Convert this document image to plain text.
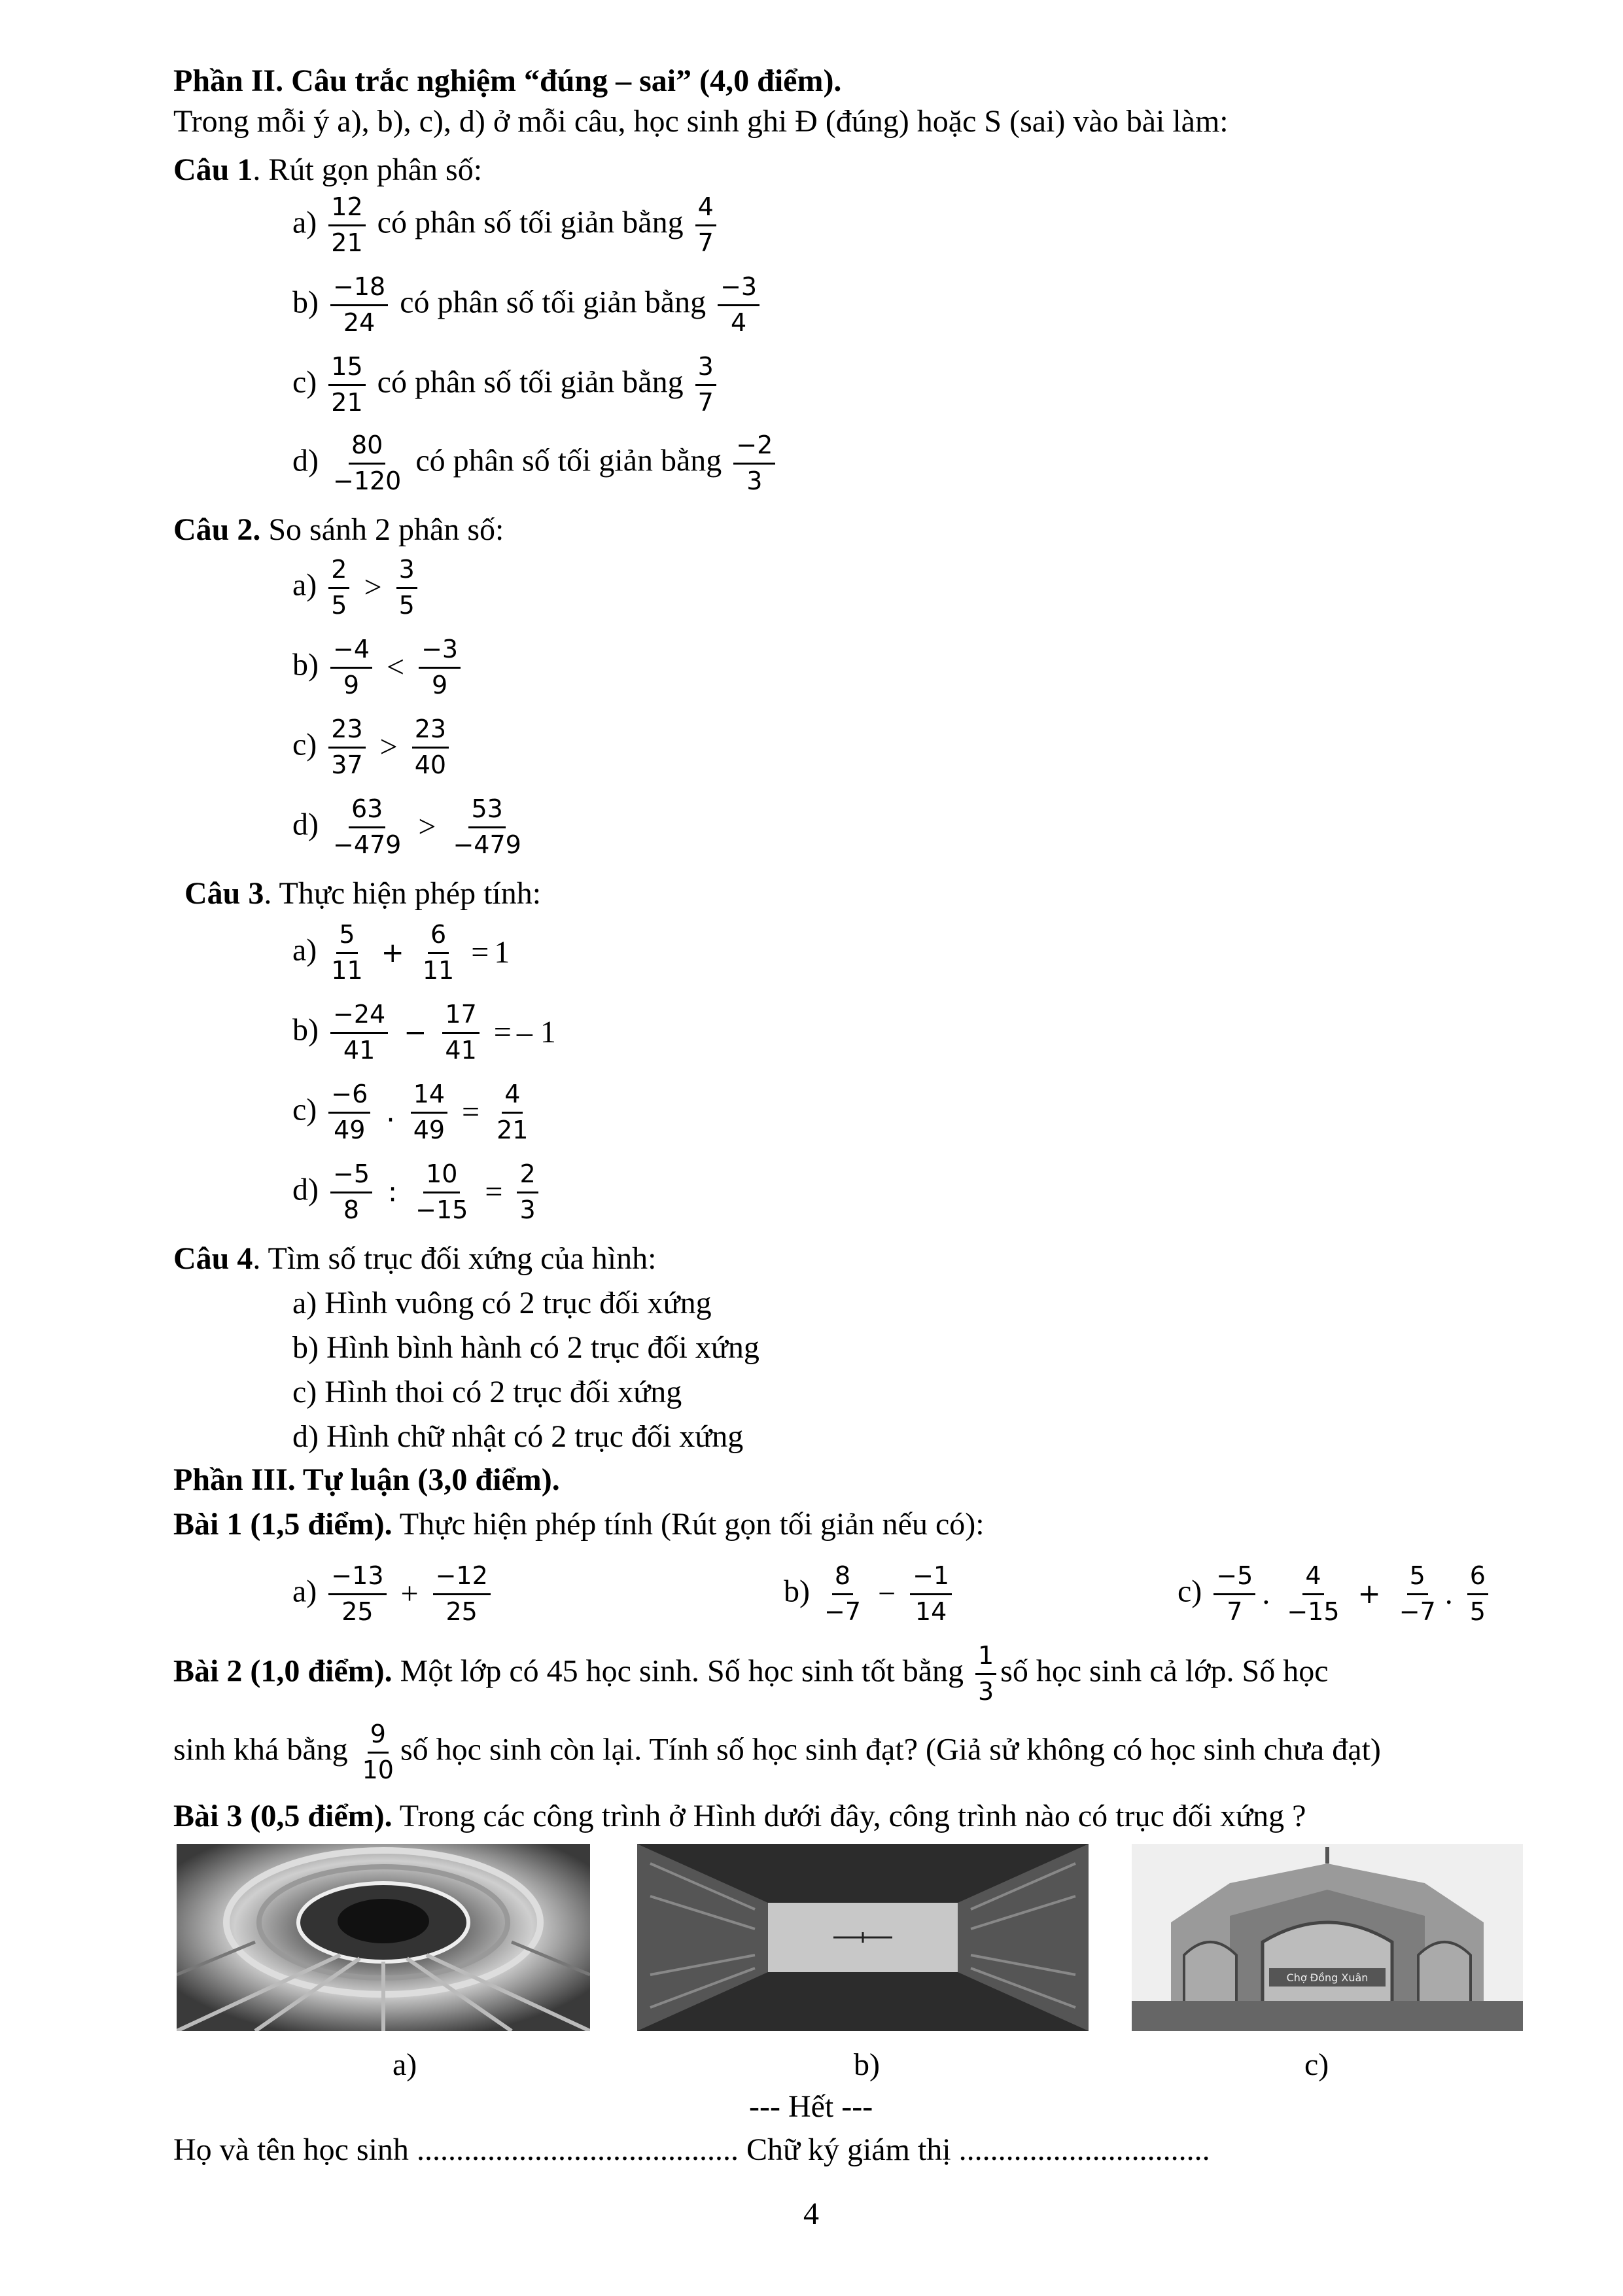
Phần II. Câu trắc nghiệm “đúng – sai” (4,0 điểm).
Trong mỗi ý a), b), c), d) ở mỗi câu, học sinh ghi Đ (đúng) hoặc S (sai) vào bài làm:
Câu 1. Rút gọn phân số:
$a) \frac{12}{21}$ có phân số tối giản bằng $\frac{4}{7}$
$b) \frac{-18}{24}$ có phân số tối giản bằng $\frac{-3}{4}$
$c) \frac{15}{21}$ có phân số tối giản bằng $\frac{3}{7}$
$d) \frac{80}{-120}$ có phân số tối giản bằng $\frac{-2}{3}$
Câu 2. So sánh 2 phân số:
$a) \frac{2}{5} > \frac{3}{5}$
$b) \frac{-4}{9} < \frac{-3}{9}$
$c) \frac{23}{37} > \frac{23}{40}$
$d) \frac{63}{-479} > \frac{53}{-479}$
Câu 3. Thực hiện phép tính:
$a) \frac{5}{11} + \frac{6}{11} = 1$
$b) \frac{-24}{41} - \frac{17}{41}$ = – 1
$c) \frac{-6}{49}$ . $\frac{14}{49} = \frac{4}{21}$
$d) \frac{-5}{8}$ : $\frac{10}{-15} = \frac{2}{3}$
Câu 4. Tìm số trục đối xứng của hình:
a) Hình vuông có 2 trục đối xứng
b) Hình bình hành có 2 trục đối xứng
c) Hình thoi có 2 trục đối xứng
d) Hình chữ nhật có 2 trục đối xứng
Phần III. Tự luận (3,0 điểm).
Bài 1 (1,5 điểm). Thực hiện phép tính (Rút gọn tối giản nếu có):
$a) \frac{-13}{25} + \frac{-12}{25}$	$b) \frac{8}{-7} - \frac{-1}{14}$	$c) \frac{-5}{7}$ . $\frac{4}{-15} + \frac{5}{-7}$ . $\frac{6}{5}$
Bài 2 (1,0 điểm). Một lớp có 45 học sinh. Số học sinh tốt bằng $\frac{1}{3}$ số học sinh cả lớp. Số học
sinh khá bằng $\frac{9}{10}$ số học sinh còn lại. Tính số học sinh đạt? (Giả sử không có học sinh chưa đạt)
Bài 3 (0,5 điểm). Trong các công trình ở Hình dưới đây, công trình nào có trục đối xứng ?
Chợ Đồng Xuân
a)	b)	c)
--- Hết ---
Họ và tên học sinh ......................................... Chữ ký giám thị ................................
4
